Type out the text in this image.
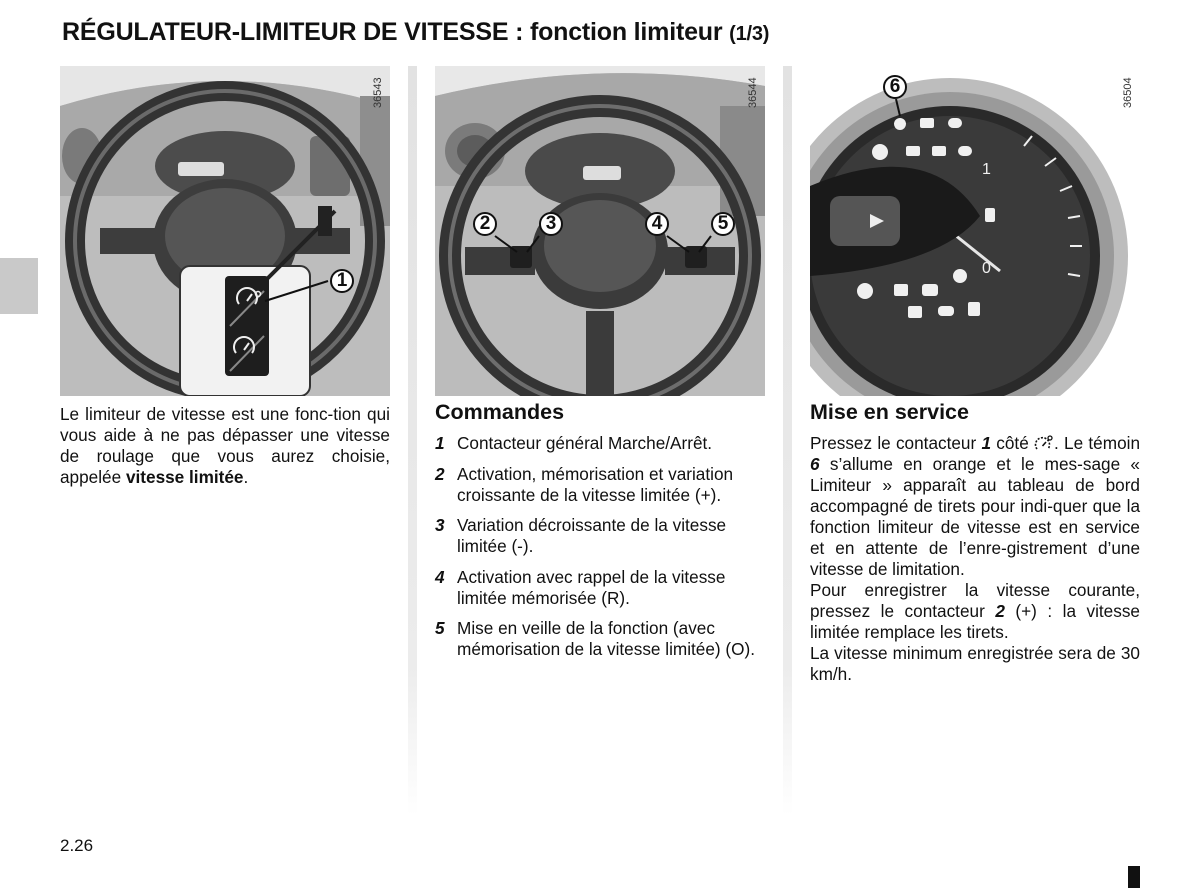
RÉGULATEUR-LIMITEUR DE VITESSE : fonction limiteur (1/3)
1
36543
2	3	4	5
36544
1
0
6	36504
Le limiteur de vitesse est une fonc-tion qui vous aide à ne pas dépasser une vitesse de roulage que vous aurez choisie, appelée vitesse limitée.
Commandes
1 Contacteur général Marche/Arrêt.
2 Activation, mémorisation et variation croissante de la vitesse limitée (+).
3 Variation décroissante de la vitesse limitée (-).
4 Activation avec rappel de la vitesse limitée mémorisée (R).
5 Mise en veille de la fonction (avec mémorisation de la vitesse limitée) (O).
Mise en service
Pressez le contacteur 1 côté . Le témoin 6 s’allume en orange et le mes-sage « Limiteur » apparaît au tableau de bord accompagné de tirets pour indi-quer que la fonction limiteur de vitesse est en service et en attente de l’enre-gistrement d’une vitesse de limitation.
Pour enregistrer la vitesse courante, pressez le contacteur 2 (+) : la vitesse limitée remplace les tirets.
La vitesse minimum enregistrée sera de 30 km/h.
2.26
